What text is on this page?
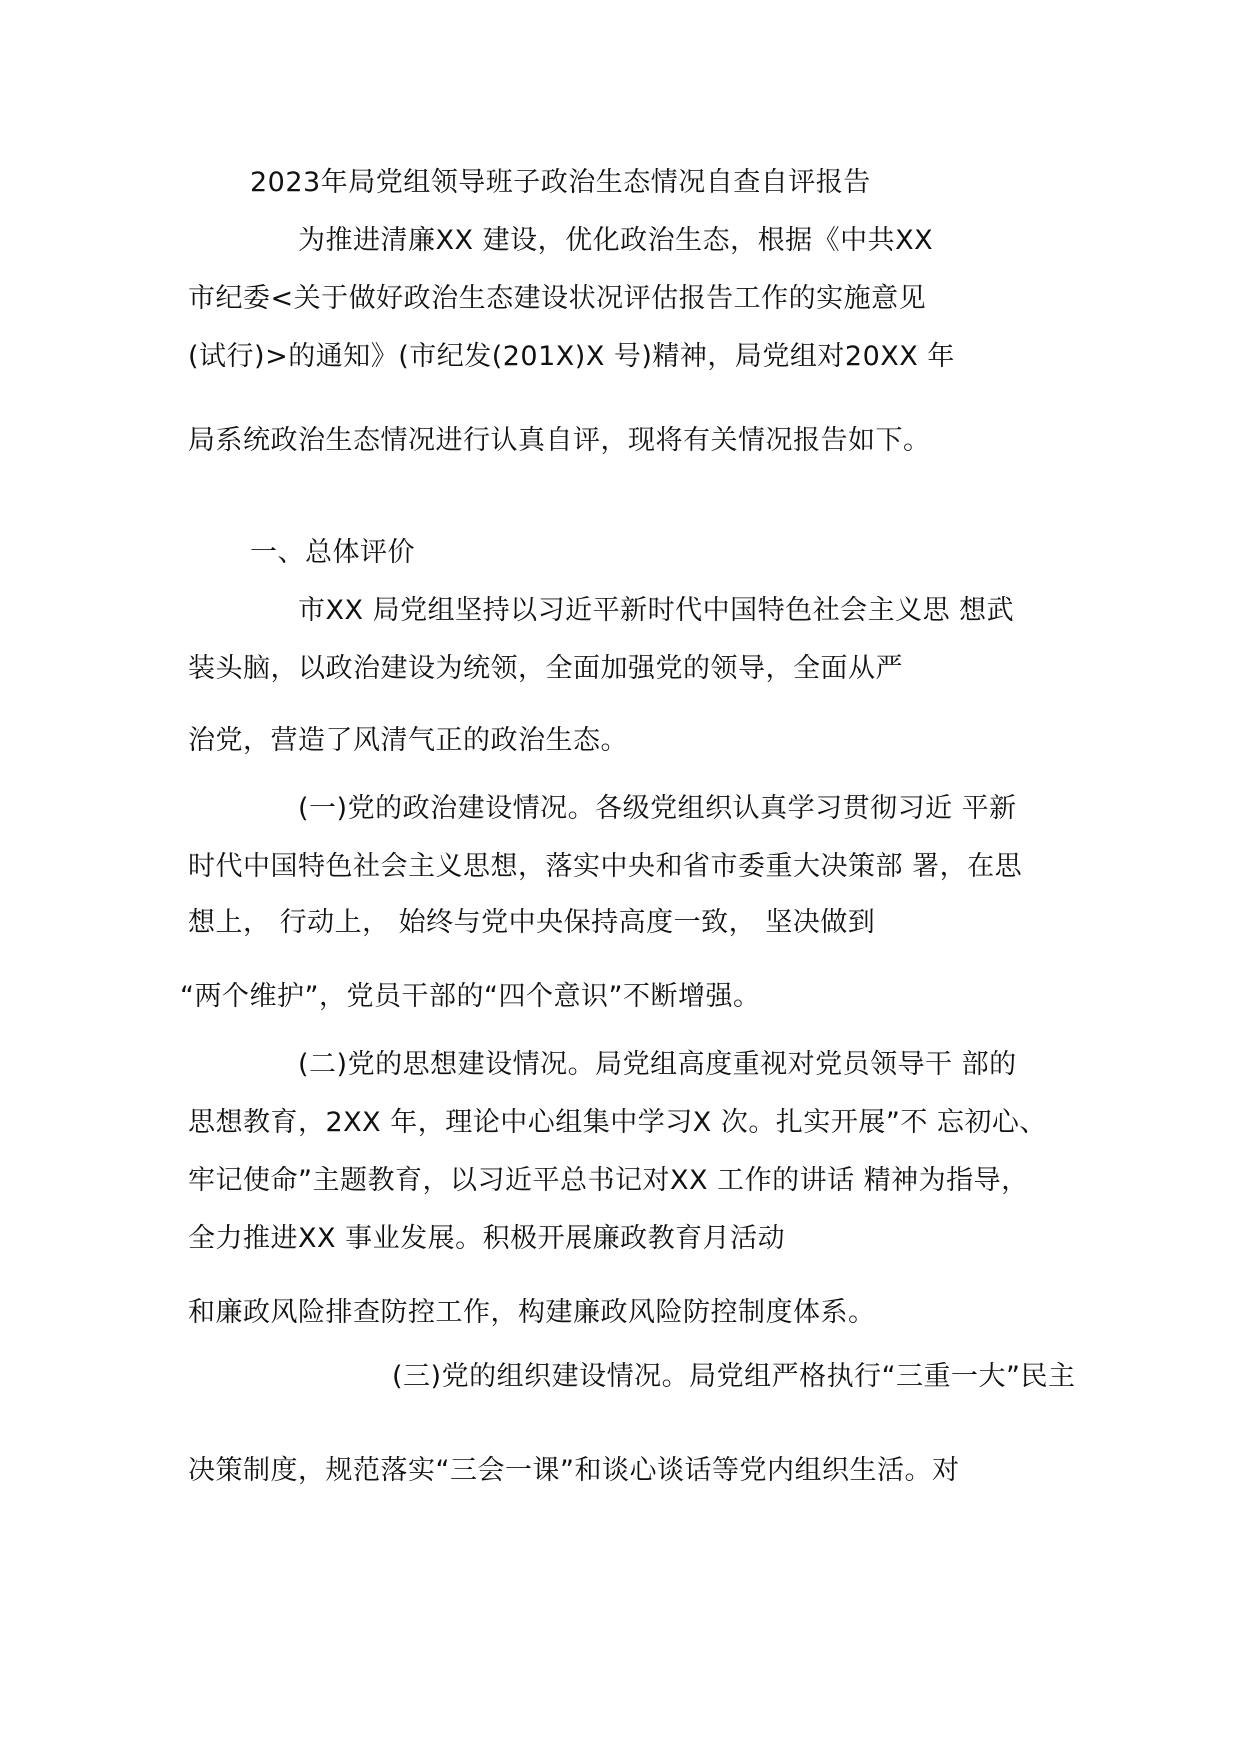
2023年局党组领导班子政治生态情况自查自评报告
为推进清廉XX 建设，优化政治生态，根据《中共XX
市纪委<关于做好政治生态建设状况评估报告工作的实施意见
(试行)>的通知》(市纪发(201X)X 号)精神，局党组对20XX 年
局系统政治生态情况进行认真自评，现将有关情况报告如下。
一、总体评价
市XX 局党组坚持以习近平新时代中国特色社会主义思 想武
装头脑，以政治建设为统领，全面加强党的领导，全面从严
治党，营造了风清气正的政治生态。
(一)党的政治建设情况。各级党组织认真学习贯彻习近 平新
时代中国特色社会主义思想，落实中央和省市委重大决策部 署，在思
想上， 行动上， 始终与党中央保持高度一致， 坚决做到
“两个维护”，党员干部的“四个意识”不断增强。
(二)党的思想建设情况。局党组高度重视对党员领导干 部的
思想教育，2XX 年，理论中心组集中学习X 次。扎实开展”不 忘初心、
牢记使命”主题教育，以习近平总书记对XX 工作的讲话 精神为指导，
全力推进XX 事业发展。积极开展廉政教育月活动
和廉政风险排查防控工作，构建廉政风险防控制度体系。
(三)党的组织建设情况。局党组严格执行“三重一大”民主
决策制度，规范落实“三会一课”和谈心谈话等党内组织生活。对
